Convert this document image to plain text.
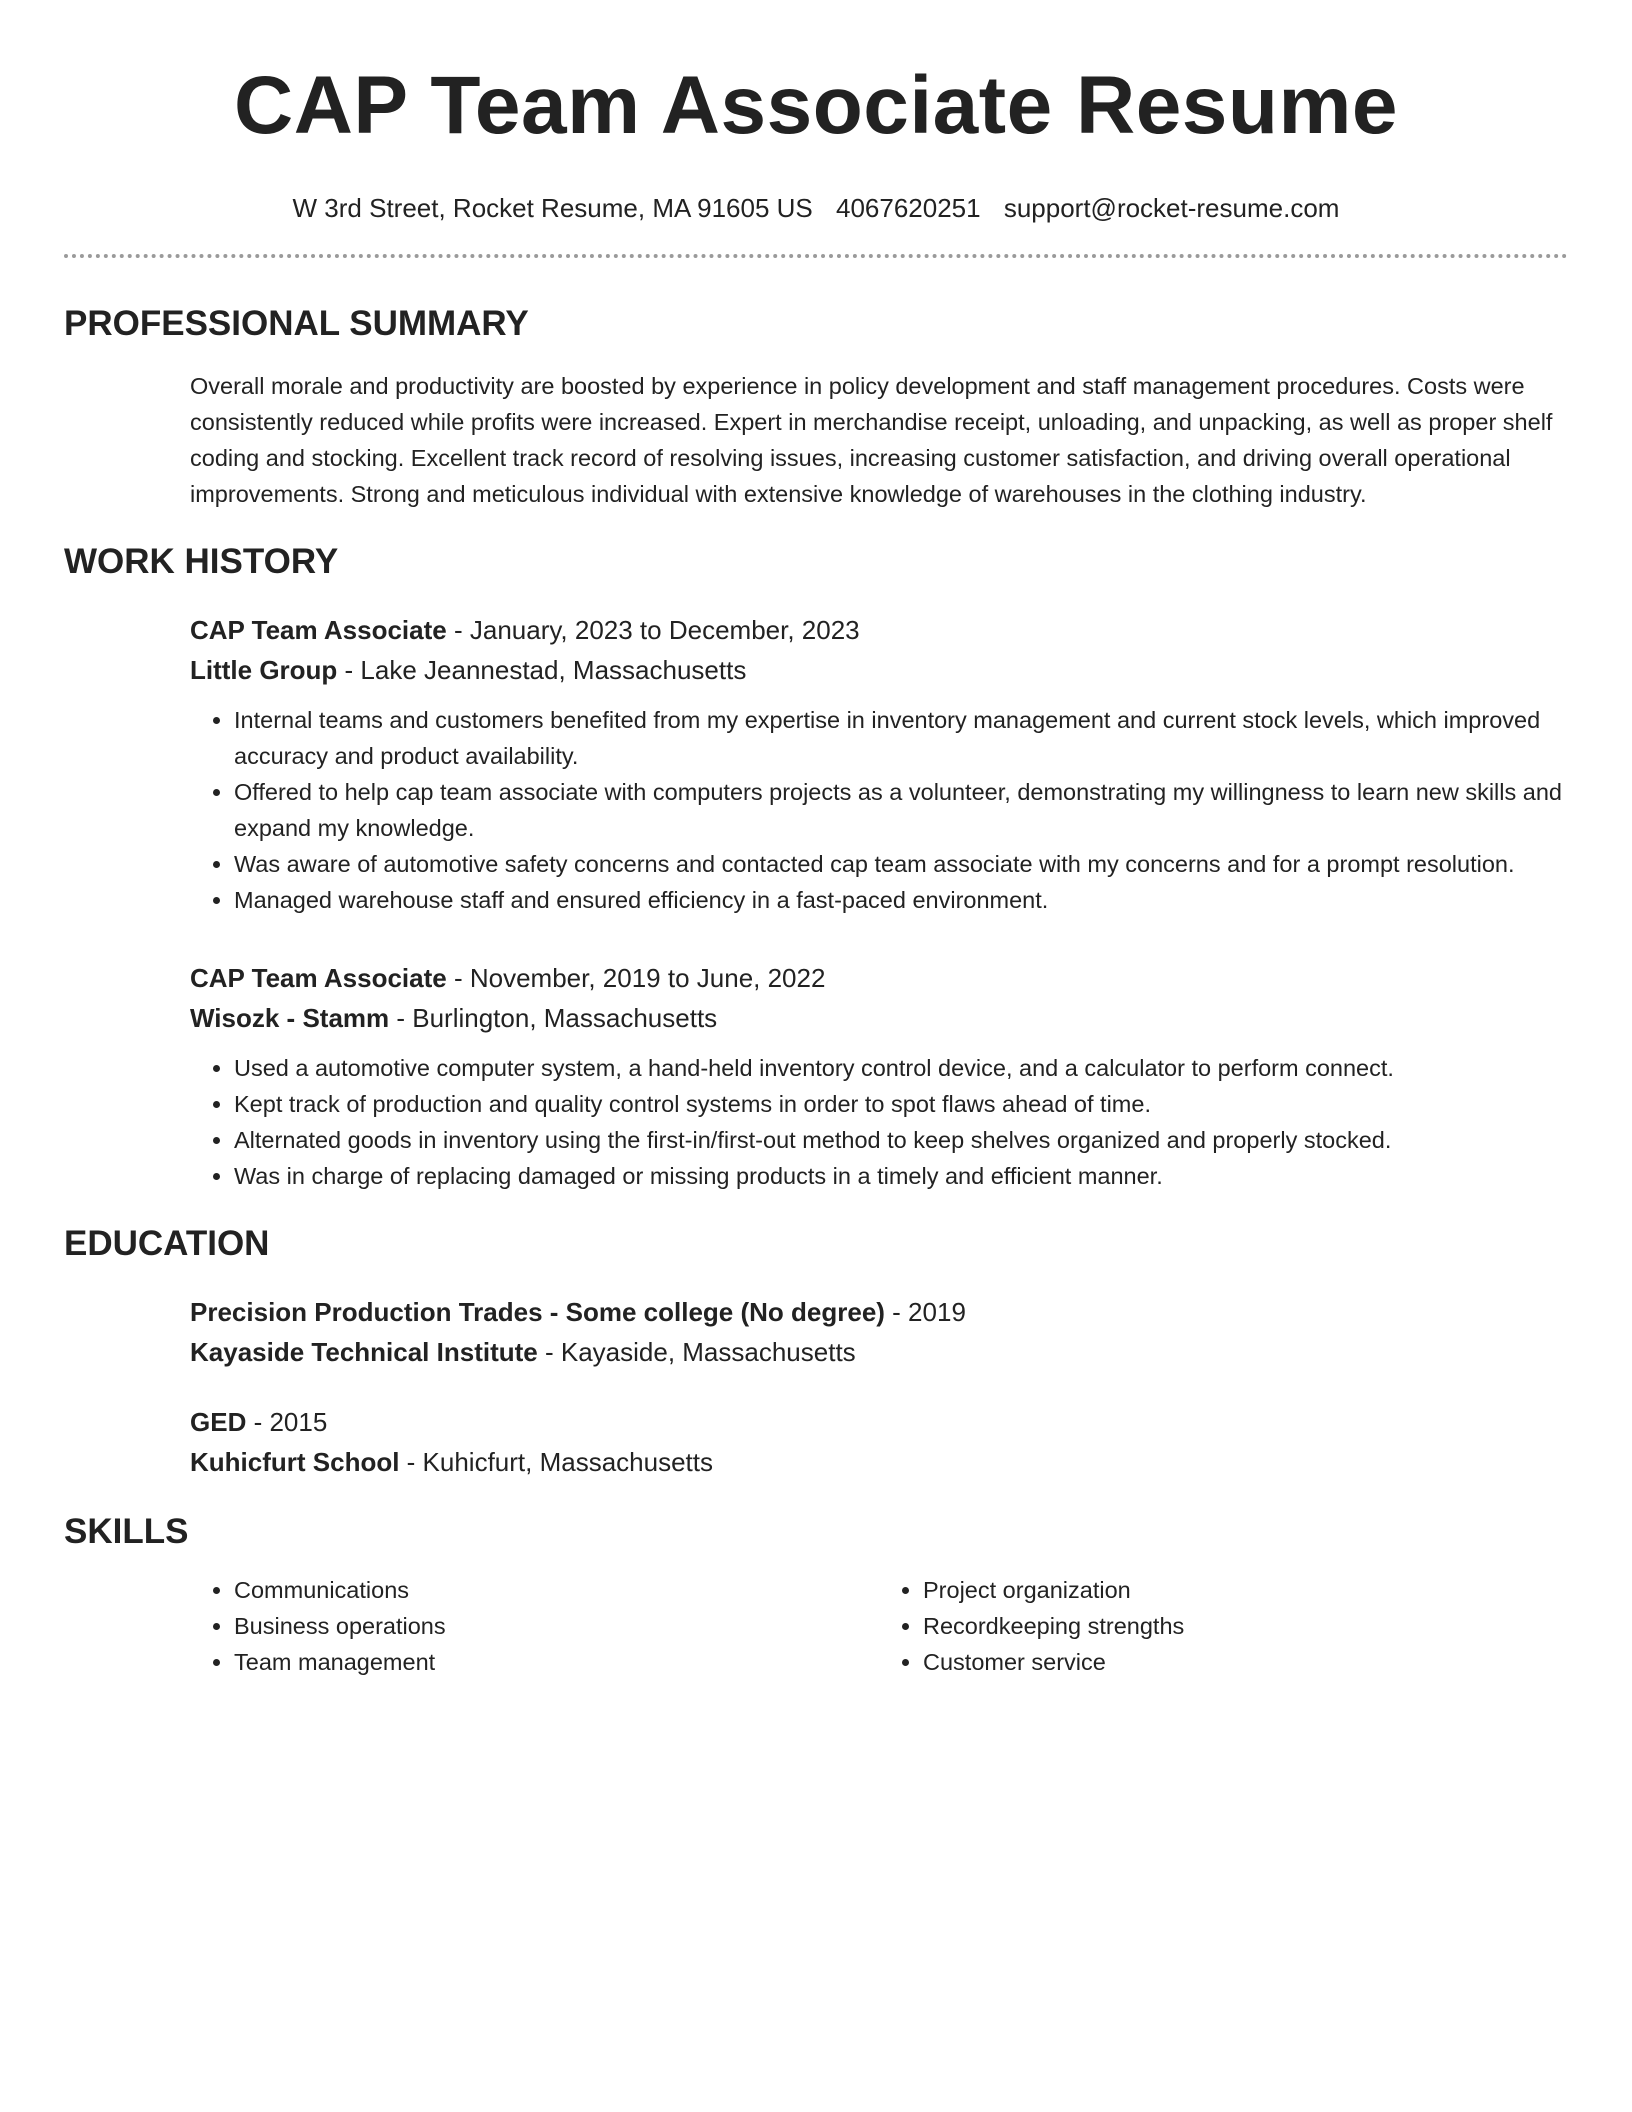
CAP Team Associate Resume
W 3rd Street, Rocket Resume, MA 91605 US 4067620251 support@rocket-resume.com
PROFESSIONAL SUMMARY

Overall morale and productivity are boosted by experience in policy development and staff management procedures. Costs were consistently reduced while profits were increased. Expert in merchandise receipt, unloading, and unpacking, as well as proper shelf coding and stocking. Excellent track record of resolving issues, increasing customer satisfaction, and driving overall operational improvements. Strong and meticulous individual with extensive knowledge of warehouses in the clothing industry.

WORK HISTORY
CAP Team Associate - January, 2023 to December, 2023
Little Group - Lake Jeannestad, Massachusetts
• Internal teams and customers benefited from my expertise in inventory management and current stock levels, which improved accuracy and product availability.
• Offered to help cap team associate with computers projects as a volunteer, demonstrating my willingness to learn new skills and expand my knowledge.
• Was aware of automotive safety concerns and contacted cap team associate with my concerns and for a prompt resolution.
• Managed warehouse staff and ensured efficiency in a fast-paced environment.
CAP Team Associate - November, 2019 to June, 2022
Wisozk - Stamm - Burlington, Massachusetts
• Used a automotive computer system, a hand-held inventory control device, and a calculator to perform connect.
• Kept track of production and quality control systems in order to spot flaws ahead of time.
• Alternated goods in inventory using the first-in/first-out method to keep shelves organized and properly stocked.
• Was in charge of replacing damaged or missing products in a timely and efficient manner.
EDUCATION
Precision Production Trades - Some college (No degree) - 2019
Kayaside Technical Institute - Kayaside, Massachusetts
GED - 2015
Kuhicfurt School - Kuhicfurt, Massachusetts
SKILLS
• Communications
• Business operations
• Team management
• Project organization
• Recordkeeping strengths
• Customer service
